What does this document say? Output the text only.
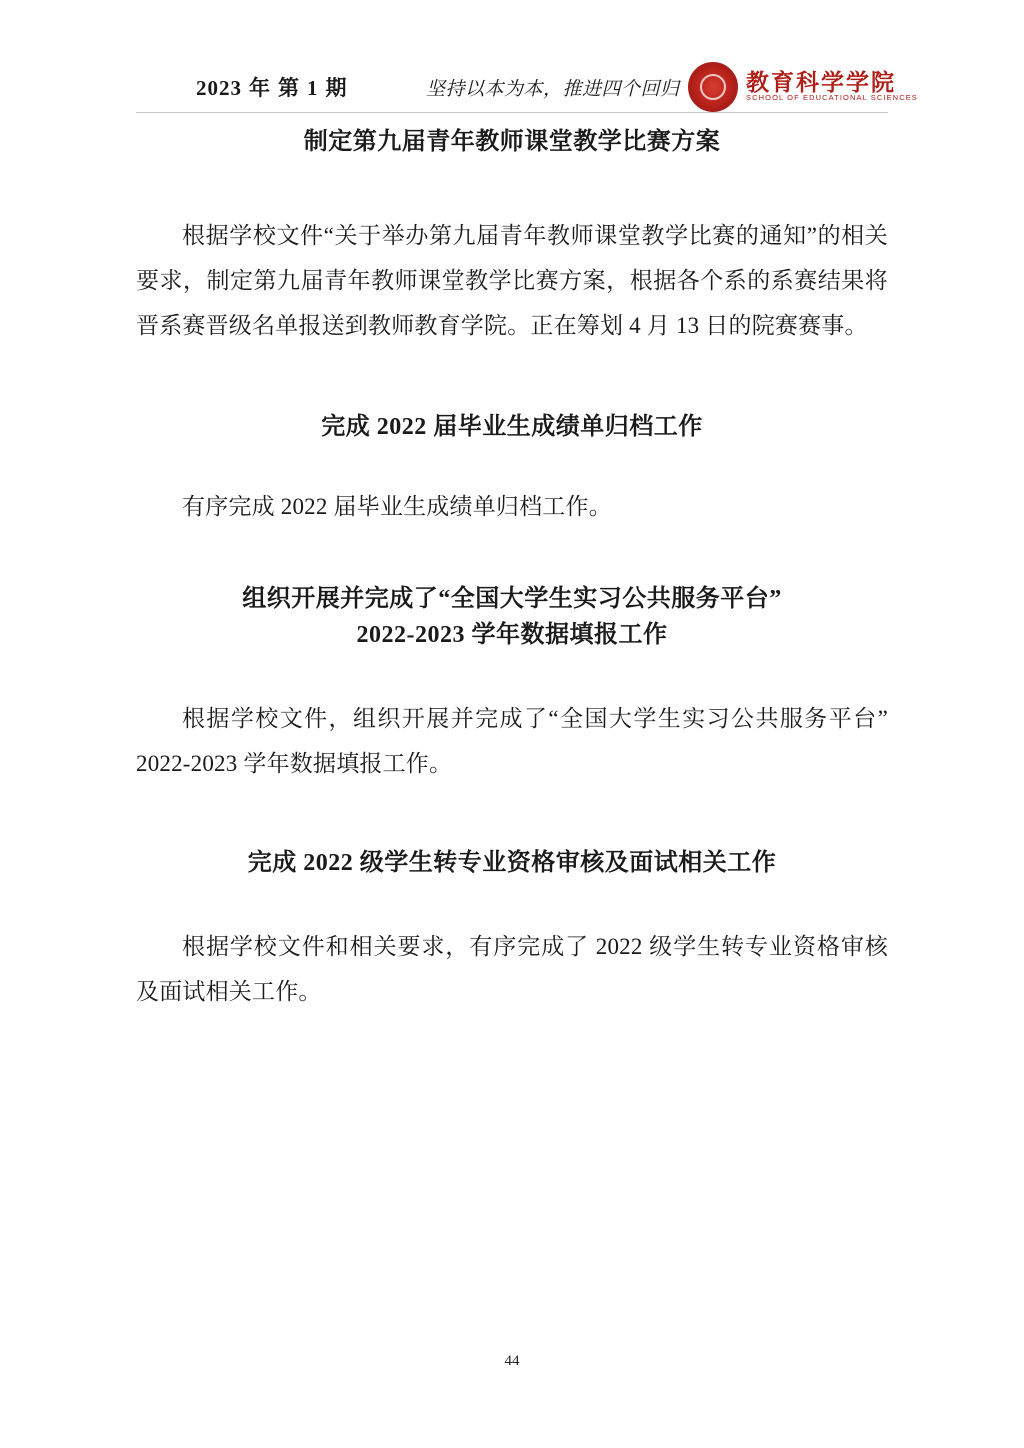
2023 年 第 1 期	坚持以本为本，推进四个回归	教育科学学院
SCHOOL OF EDUCATIONAL SCIENCES
制定第九届青年教师课堂教学比赛方案

根据学校文件“关于举办第九届青年教师课堂教学比赛的通知”的相关要求，制定第九届青年教师课堂教学比赛方案，根据各个系的系赛结果将晋系赛晋级名单报送到教师教育学院。正在筹划 4 月 13 日的院赛赛事。

完成 2022 届毕业生成绩单归档工作

有序完成 2022 届毕业生成绩单归档工作。

组织开展并完成了“全国大学生实习公共服务平台”
2022-2023 学年数据填报工作

根据学校文件，组织开展并完成了“全国大学生实习公共服务平台”2022-2023 学年数据填报工作。

完成 2022 级学生转专业资格审核及面试相关工作

根据学校文件和相关要求，有序完成了 2022 级学生转专业资格审核及面试相关工作。

44
